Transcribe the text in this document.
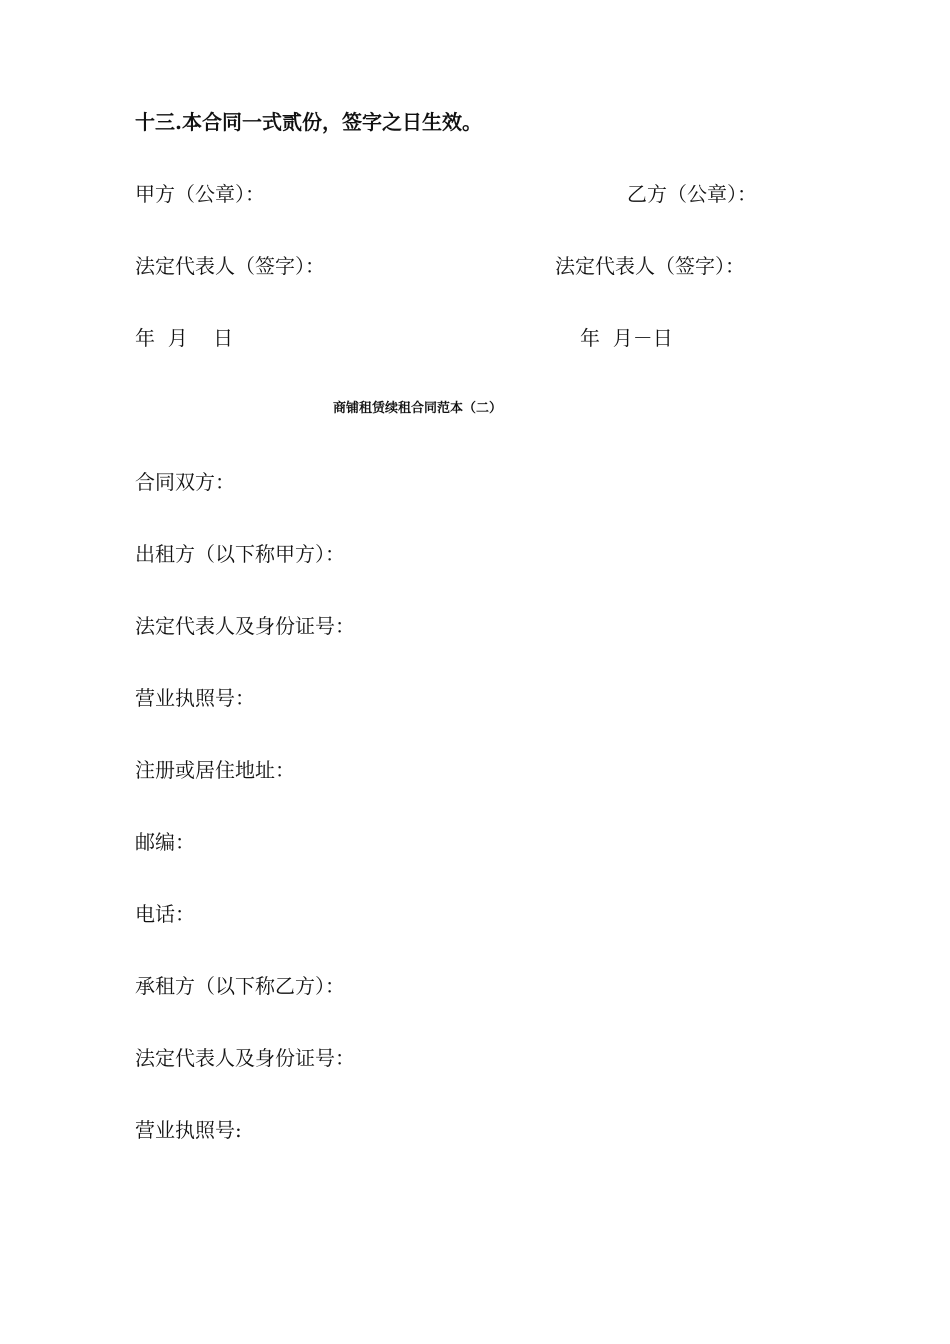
十三.本合同一式贰份，签字之日生效。
甲方（公章）：	乙方（公章）：
法定代表人（签字）：	法定代表人（签字）：
年  月    日	年  月－日
商铺租赁续租合同范本（二）
合同双方：
出租方（以下称甲方）：
法定代表人及身份证号：
营业执照号：
注册或居住地址：
邮编：
电话：
承租方（以下称乙方）：
法定代表人及身份证号：
营业执照号:
